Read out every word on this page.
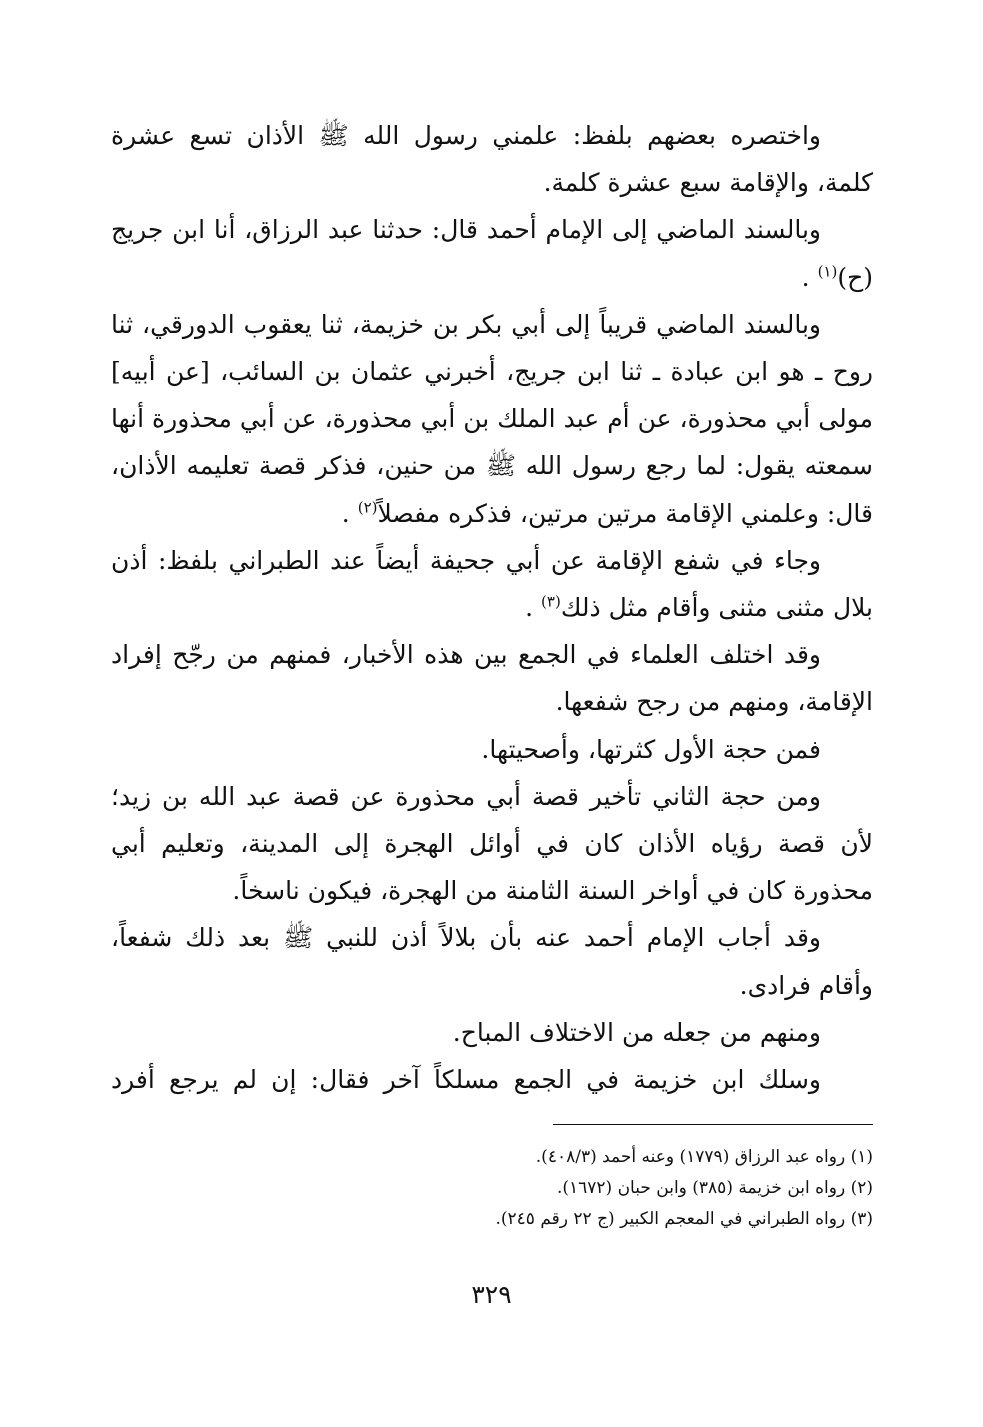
واختصره بعضهم بلفظ: علمني رسول الله ﷺ الأذان تسع عشرة كلمة، والإقامة سبع عشرة كلمة.

وبالسند الماضي إلى الإمام أحمد قال: حدثنا عبد الرزاق، أنا ابن جريج (ح)$^{(١)}$ .

وبالسند الماضي قريباً إلى أبي بكر بن خزيمة، ثنا يعقوب الدورقي، ثنا روح ـ هو ابن عبادة ـ ثنا ابن جريج، أخبرني عثمان بن السائب، [عن أبيه] مولى أبي محذورة، عن أم عبد الملك بن أبي محذورة، عن أبي محذورة أنها سمعته يقول: لما رجع رسول الله ﷺ من حنين، فذكر قصة تعليمه الأذان، قال: وعلمني الإقامة مرتين مرتين، فذكره مفصلاً$^{(٢)}$ .

وجاء في شفع الإقامة عن أبي جحيفة أيضاً عند الطبراني بلفظ: أذن بلال مثنى مثنى وأقام مثل ذلك$^{(٣)}$ .

وقد اختلف العلماء في الجمع بين هذه الأخبار، فمنهم من رجّح إفراد الإقامة، ومنهم من رجح شفعها.

فمن حجة الأول كثرتها، وأصحيتها.

ومن حجة الثاني تأخير قصة أبي محذورة عن قصة عبد الله بن زيد؛ لأن قصة رؤياه الأذان كان في أوائل الهجرة إلى المدينة، وتعليم أبي محذورة كان في أواخر السنة الثامنة من الهجرة، فيكون ناسخاً.

وقد أجاب الإمام أحمد عنه بأن بلالاً أذن للنبي ﷺ بعد ذلك شفعاً، وأقام فرادى.

ومنهم من جعله من الاختلاف المباح.

وسلك ابن خزيمة في الجمع مسلكاً آخر فقال: إن لم يرجع أفرد

(١) رواه عبد الرزاق (١٧٧٩) وعنه أحمد (٤٠٨/٣).

(٢) رواه ابن خزيمة (٣٨٥) وابن حبان (١٦٧٢).

(٣) رواه الطبراني في المعجم الكبير (ج ٢٢ رقم ٢٤٥).

٣٢٩
